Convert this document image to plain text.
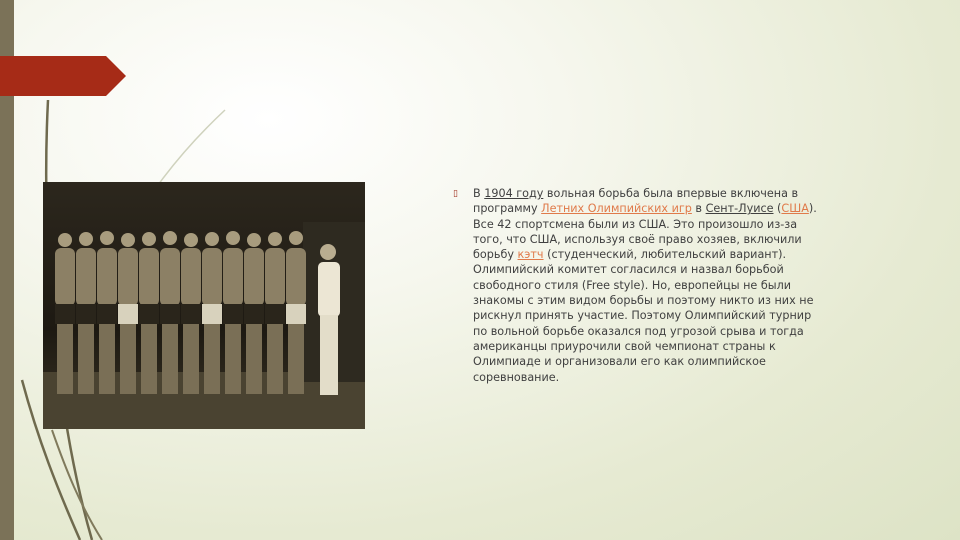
▯ В 1904 году вольная борьба была впервые включена в программу Летних Олимпийских игр в Сент-Луисе (США). Все 42 спортсмена были из США. Это произошло из-за того, что США, используя своё право хозяев, включили борьбу кэтч (студенческий, любительский вариант). Олимпийский комитет согласился и назвал борьбой свободного стиля (Free style). Но, европейцы не были знакомы с этим видом борьбы и поэтому никто из них не рискнул принять участие. Поэтому Олимпийский турнир по вольной борьбе оказался под угрозой срыва и тогда американцы приурочили свой чемпионат страны к Олимпиаде и организовали его как олимпийское соревнование.
